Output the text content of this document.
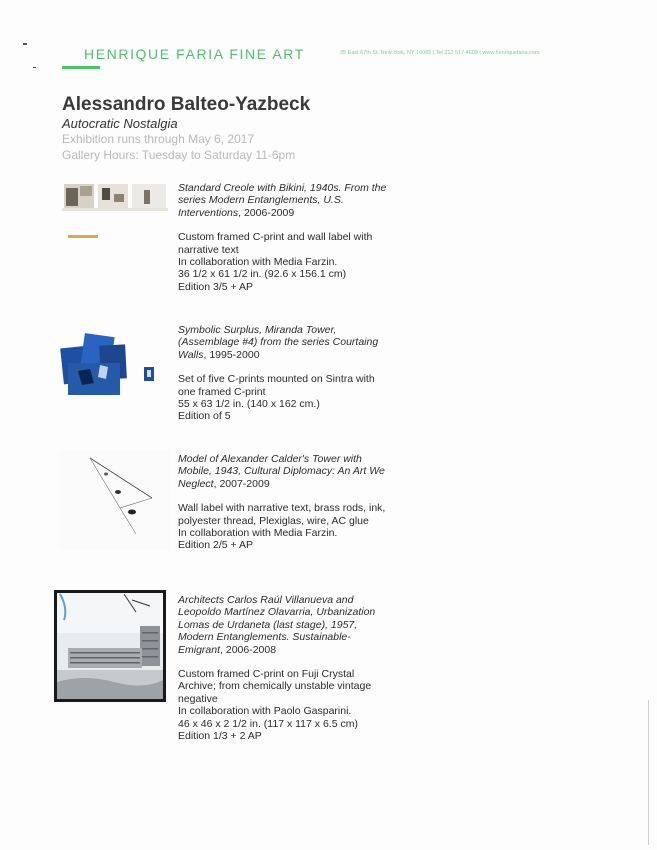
HENRIQUE FARIA FINE ART	35 East 67th St. New York, NY 10065 | Tel 212 517 4609 | www.henriquefaria.com
Alessandro Balteo-Yazbeck
Autocratic Nostalgia
Exhibition runs through May 6, 2017
Gallery Hours: Tuesday to Saturday 11-6pm
Standard Creole with Bikini, 1940s. From the
series Modern Entanglements, U.S.
Interventions, 2006-2009
Custom framed C-print and wall label with
narrative text
In collaboration with Media Farzin.
36 1/2 x 61 1/2 in. (92.6 x 156.1 cm)
Edition 3/5 + AP
Symbolic Surplus, Miranda Tower,
(Assemblage #4) from the series Courtaing
Walls, 1995-2000
Set of five C-prints mounted on Sintra with
one framed C-print
55 x 63 1/2 in. (140 x 162 cm.)
Edition of 5
Model of Alexander Calder's Tower with
Mobile, 1943, Cultural Diplomacy: An Art We
Neglect, 2007-2009
Wall label with narrative text, brass rods, ink,
polyester thread, Plexiglas, wire, AC glue
In collaboration with Media Farzin.
Edition 2/5 + AP
Architects Carlos Raúl Villanueva and
Leopoldo Martínez Olavarria, Urbanization
Lomas de Urdaneta (last stage), 1957,
Modern Entanglements. Sustainable-
Emigrant, 2006-2008
Custom framed C-print on Fuji Crystal
Archive; from chemically unstable vintage
negative
In collaboration with Paolo Gasparini.
46 x 46 x 2 1/2 in. (117 x 117 x 6.5 cm)
Edition 1/3 + 2 AP
